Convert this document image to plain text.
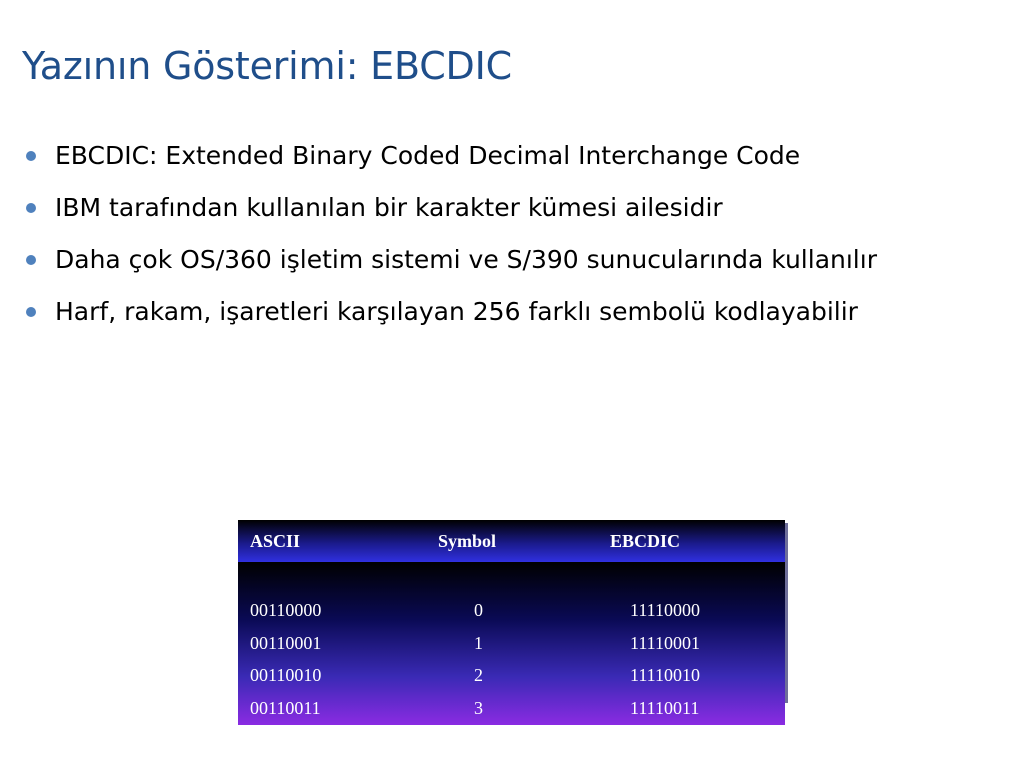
Yazının Gösterimi: EBCDIC
EBCDIC: Extended Binary Coded Decimal Interchange Code
IBM tarafından kullanılan bir karakter kümesi ailesidir
Daha çok OS/360 işletim sistemi ve S/390 sunucularında kullanılır
Harf, rakam, işaretleri karşılayan 256 farklı sembolü kodlayabilir
ASCII	Symbol	EBCDIC

00110000	0	11110000
00110001	1	11110001
00110010	2	11110010
00110011	3	11110011
